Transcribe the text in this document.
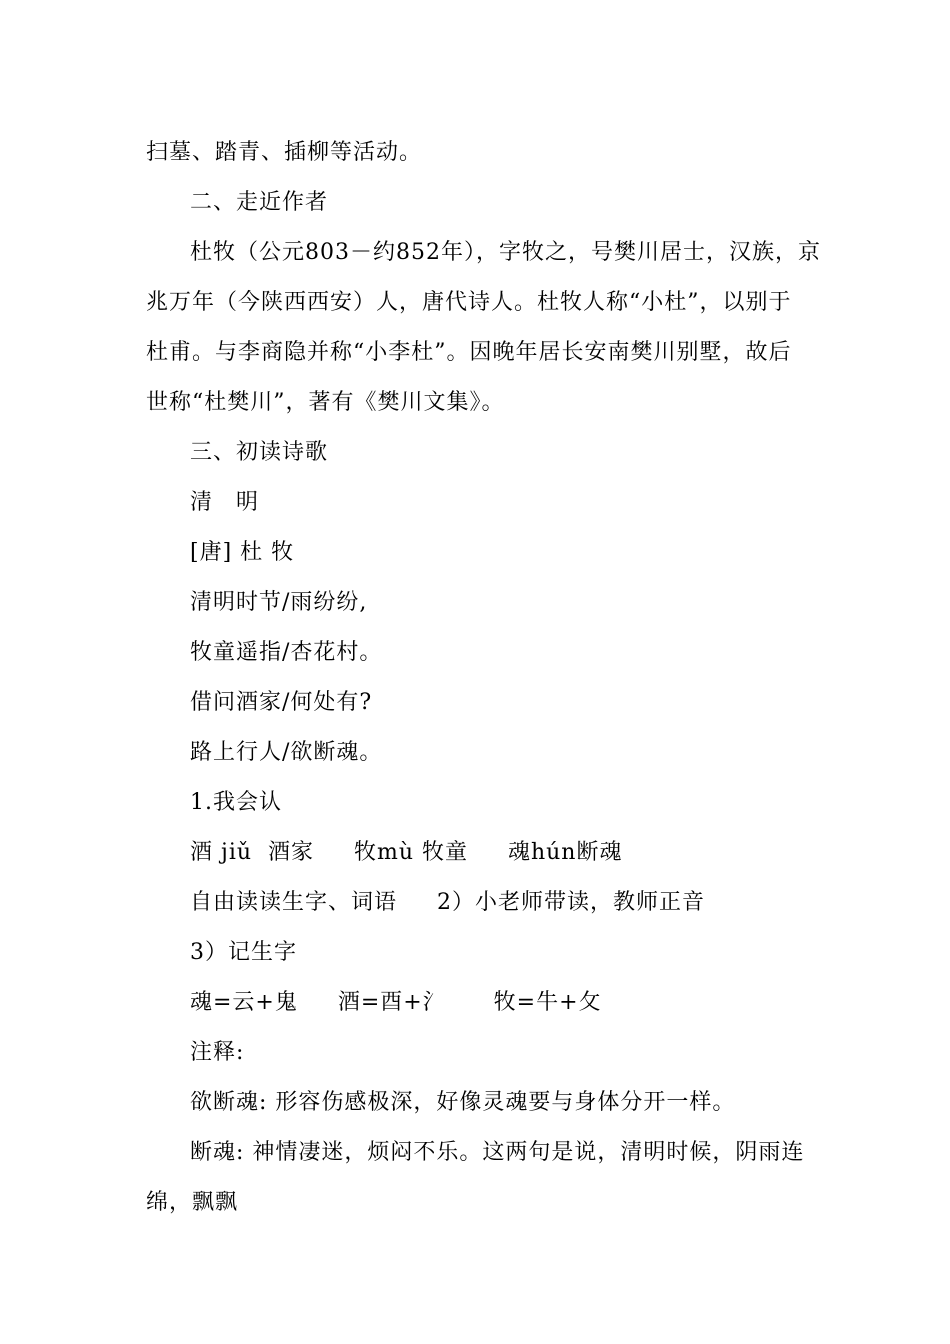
扫墓、踏青、插柳等活动。
二、走近作者
杜牧（公元803－约852年），字牧之，号樊川居士，汉族，京
兆万年（今陕西西安）人，唐代诗人。杜牧人称“小杜”，以别于
杜甫。与李商隐并称“小李杜”。因晚年居长安南樊川别墅，故后
世称“杜樊川”，著有《樊川文集》。
三、初读诗歌
清　明
[唐] 杜 牧
清明时节/雨纷纷,
牧童遥指/杏花村。
借问酒家/何处有?
路上行人/欲断魂。
1.我会认
酒 jiǔ  酒家     牧mù 牧童     魂hún断魂
自由读读生字、词语     2）小老师带读，教师正音
3）记生字
魂=云+鬼     酒=酉+氵      牧=牛+攵
注释:
欲断魂: 形容伤感极深，好像灵魂要与身体分开一样。
断魂: 神情凄迷，烦闷不乐。这两句是说，清明时候，阴雨连
绵，飘飘
